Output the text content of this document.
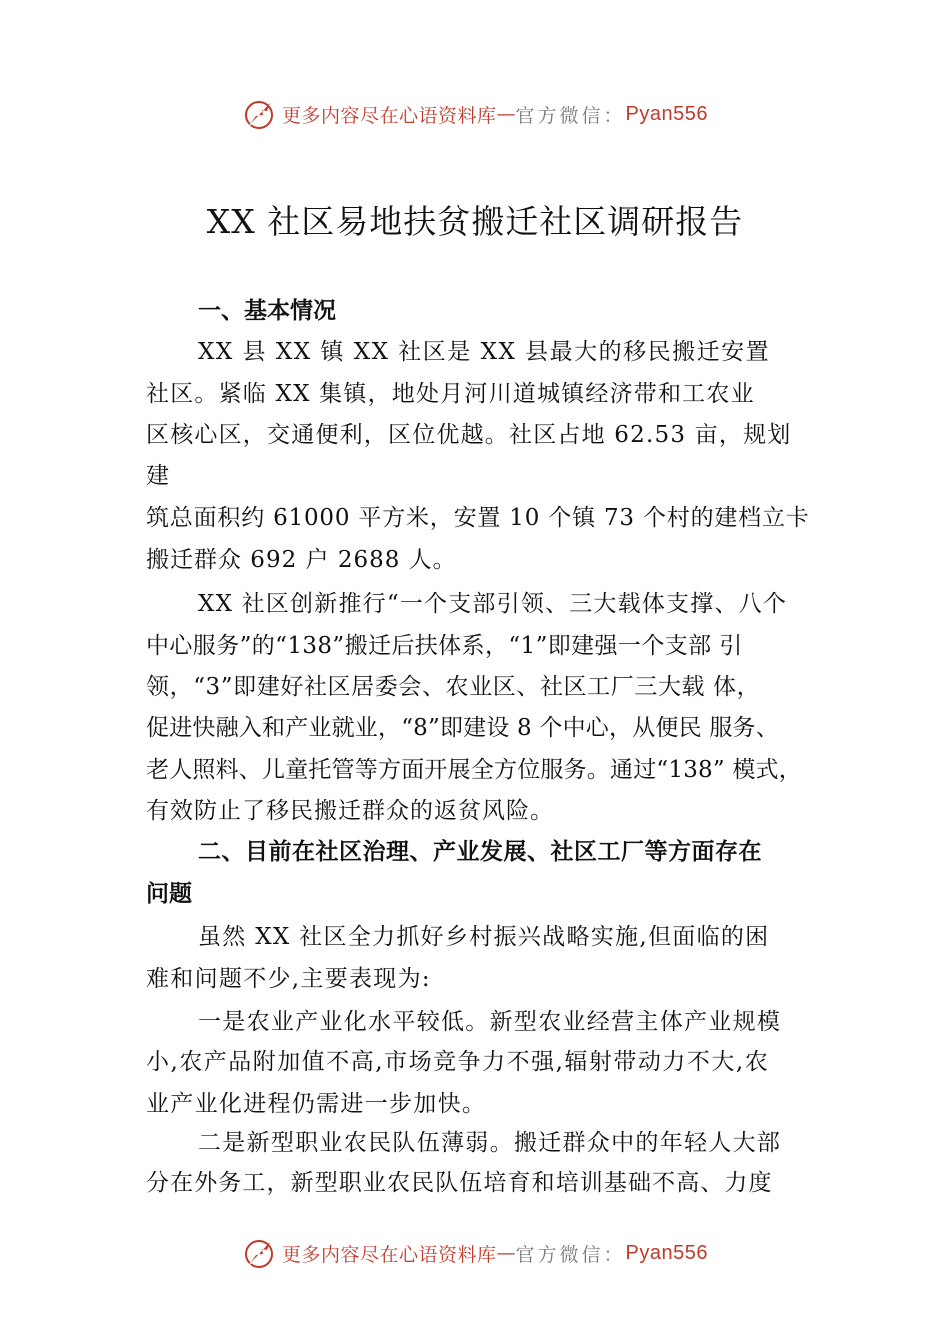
更多内容尽在心语资料库 — 官方微信： Pyan556
XX 社区易地扶贫搬迁社区调研报告
一、基本情况
XX 县 XX 镇 XX 社区是 XX 县最大的移民搬迁安置
社区。紧临 XX 集镇，地处月河川道城镇经济带和工农业
区核心区，交通便利，区位优越。社区占地 62.53 亩，规划
建
筑总面积约 61000 平方米，安置 10 个镇 73 个村的建档立卡
搬迁群众 692 户 2688 人。
XX 社区创新推行“一个支部引领、三大载体支撑、八个
中心服务”的“138”搬迁后扶体系，“1”即建强一个支部 引
领，“3”即建好社区居委会、农业区、社区工厂三大载 体，
促进快融入和产业就业，“8”即建设 8 个中心，从便民 服务、
老人照料、儿童托管等方面开展全方位服务。通过“138” 模式，
有效防止了移民搬迁群众的返贫风险。
二、目前在社区治理、产业发展、社区工厂等方面存在
问题
虽然 XX 社区全力抓好乡村振兴战略实施,但面临的困
难和问题不少,主要表现为:
一是农业产业化水平较低。新型农业经营主体产业规模
小,农产品附加值不高,市场竞争力不强,辐射带动力不大,农
业产业化进程仍需进一步加快。
二是新型职业农民队伍薄弱。搬迁群众中的年轻人大部
分在外务工，新型职业农民队伍培育和培训基础不高、力度
更多内容尽在心语资料库 — 官方微信： Pyan556
